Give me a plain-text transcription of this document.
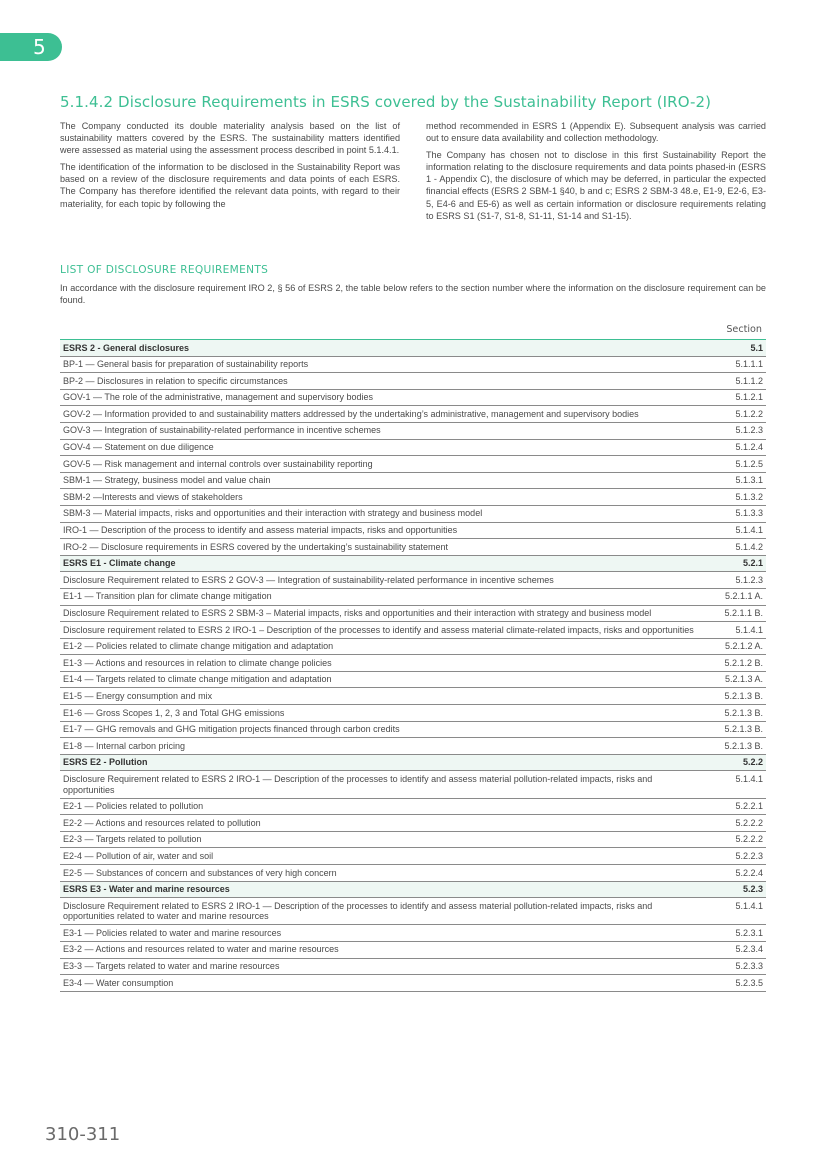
5
5.1.4.2 Disclosure Requirements in ESRS covered by the Sustainability Report (IRO-2)

The Company conducted its double materiality analysis based on the list of sustainability matters covered by the ESRS. The sustainability matters identified were assessed as material using the assessment process described in point 5.1.4.1.

The identification of the information to be disclosed in the Sustainability Report was based on a review of the disclosure requirements and data points of each ESRS. The Company has therefore identified the relevant data points, with regard to their materiality, for each topic by following the

method recommended in ESRS 1 (Appendix E). Subsequent analysis was carried out to ensure data availability and collection methodology.

The Company has chosen not to disclose in this first Sustainability Report the information relating to the disclosure requirements and data points phased-in (ESRS 1 - Appendix C), the disclosure of which may be deferred, in particular the expected financial effects (ESRS 2 SBM-1 §40, b and c; ESRS 2 SBM-3 48.e, E1-9, E2-6, E3-5, E4-6 and E5-6) as well as certain information or disclosure requirements relating to ESRS S1 (S1-7, S1-8, S1-11, S1-14 and S1-15).

LIST OF DISCLOSURE REQUIREMENTS

In accordance with the disclosure requirement IRO 2, § 56 of ESRS 2, the table below refers to the section number where the information on the disclosure requirement can be found.

Section
ESRS 2 - General disclosures	5.1
BP-1 — General basis for preparation of sustainability reports	5.1.1.1
BP-2 — Disclosures in relation to specific circumstances	5.1.1.2
GOV-1 — The role of the administrative, management and supervisory bodies	5.1.2.1
GOV-2 — Information provided to and sustainability matters addressed by the undertaking’s administrative, management and supervisory bodies	5.1.2.2
GOV-3 — Integration of sustainability-related performance in incentive schemes	5.1.2.3
GOV-4 — Statement on due diligence	5.1.2.4
GOV-5 — Risk management and internal controls over sustainability reporting	5.1.2.5
SBM-1 — Strategy, business model and value chain	5.1.3.1
SBM-2 —Interests and views of stakeholders	5.1.3.2
SBM-3 — Material impacts, risks and opportunities and their interaction with strategy and business model	5.1.3.3
IRO-1 — Description of the process to identify and assess material impacts, risks and opportunities	5.1.4.1
IRO-2 — Disclosure requirements in ESRS covered by the undertaking’s sustainability statement	5.1.4.2
ESRS E1 - Climate change	5.2.1
Disclosure Requirement related to ESRS 2 GOV-3 — Integration of sustainability-related performance in incentive schemes	5.1.2.3
E1-1 — Transition plan for climate change mitigation	5.2.1.1 A.
Disclosure Requirement related to ESRS 2 SBM-3 – Material impacts, risks and opportunities and their interaction with strategy and business model	5.2.1.1 B.
Disclosure requirement related to ESRS 2 IRO-1 – Description of the processes to identify and assess material climate-related impacts, risks and opportunities	5.1.4.1
E1-2 — Policies related to climate change mitigation and adaptation	5.2.1.2 A.
E1-3 — Actions and resources in relation to climate change policies	5.2.1.2 B.
E1-4 — Targets related to climate change mitigation and adaptation	5.2.1.3 A.
E1-5 — Energy consumption and mix	5.2.1.3 B.
E1-6 — Gross Scopes 1, 2, 3 and Total GHG emissions	5.2.1.3 B.
E1-7 — GHG removals and GHG mitigation projects financed through carbon credits	5.2.1.3 B.
E1-8 — Internal carbon pricing	5.2.1.3 B.
ESRS E2 - Pollution	5.2.2
Disclosure Requirement related to ESRS 2 IRO-1 — Description of the processes to identify and assess material pollution-related impacts, risks and opportunities	5.1.4.1
E2-1 — Policies related to pollution	5.2.2.1
E2-2 — Actions and resources related to pollution	5.2.2.2
E2-3 — Targets related to pollution	5.2.2.2
E2-4 — Pollution of air, water and soil	5.2.2.3
E2-5 — Substances of concern and substances of very high concern	5.2.2.4
ESRS E3 - Water and marine resources	5.2.3
Disclosure Requirement related to ESRS 2 IRO-1 — Description of the processes to identify and assess material pollution-related impacts, risks and opportunities related to water and marine resources	5.1.4.1
E3-1 — Policies related to water and marine resources	5.2.3.1
E3-2 — Actions and resources related to water and marine resources	5.2.3.4
E3-3 — Targets related to water and marine resources	5.2.3.3
E3-4 — Water consumption	5.2.3.5
310-311
